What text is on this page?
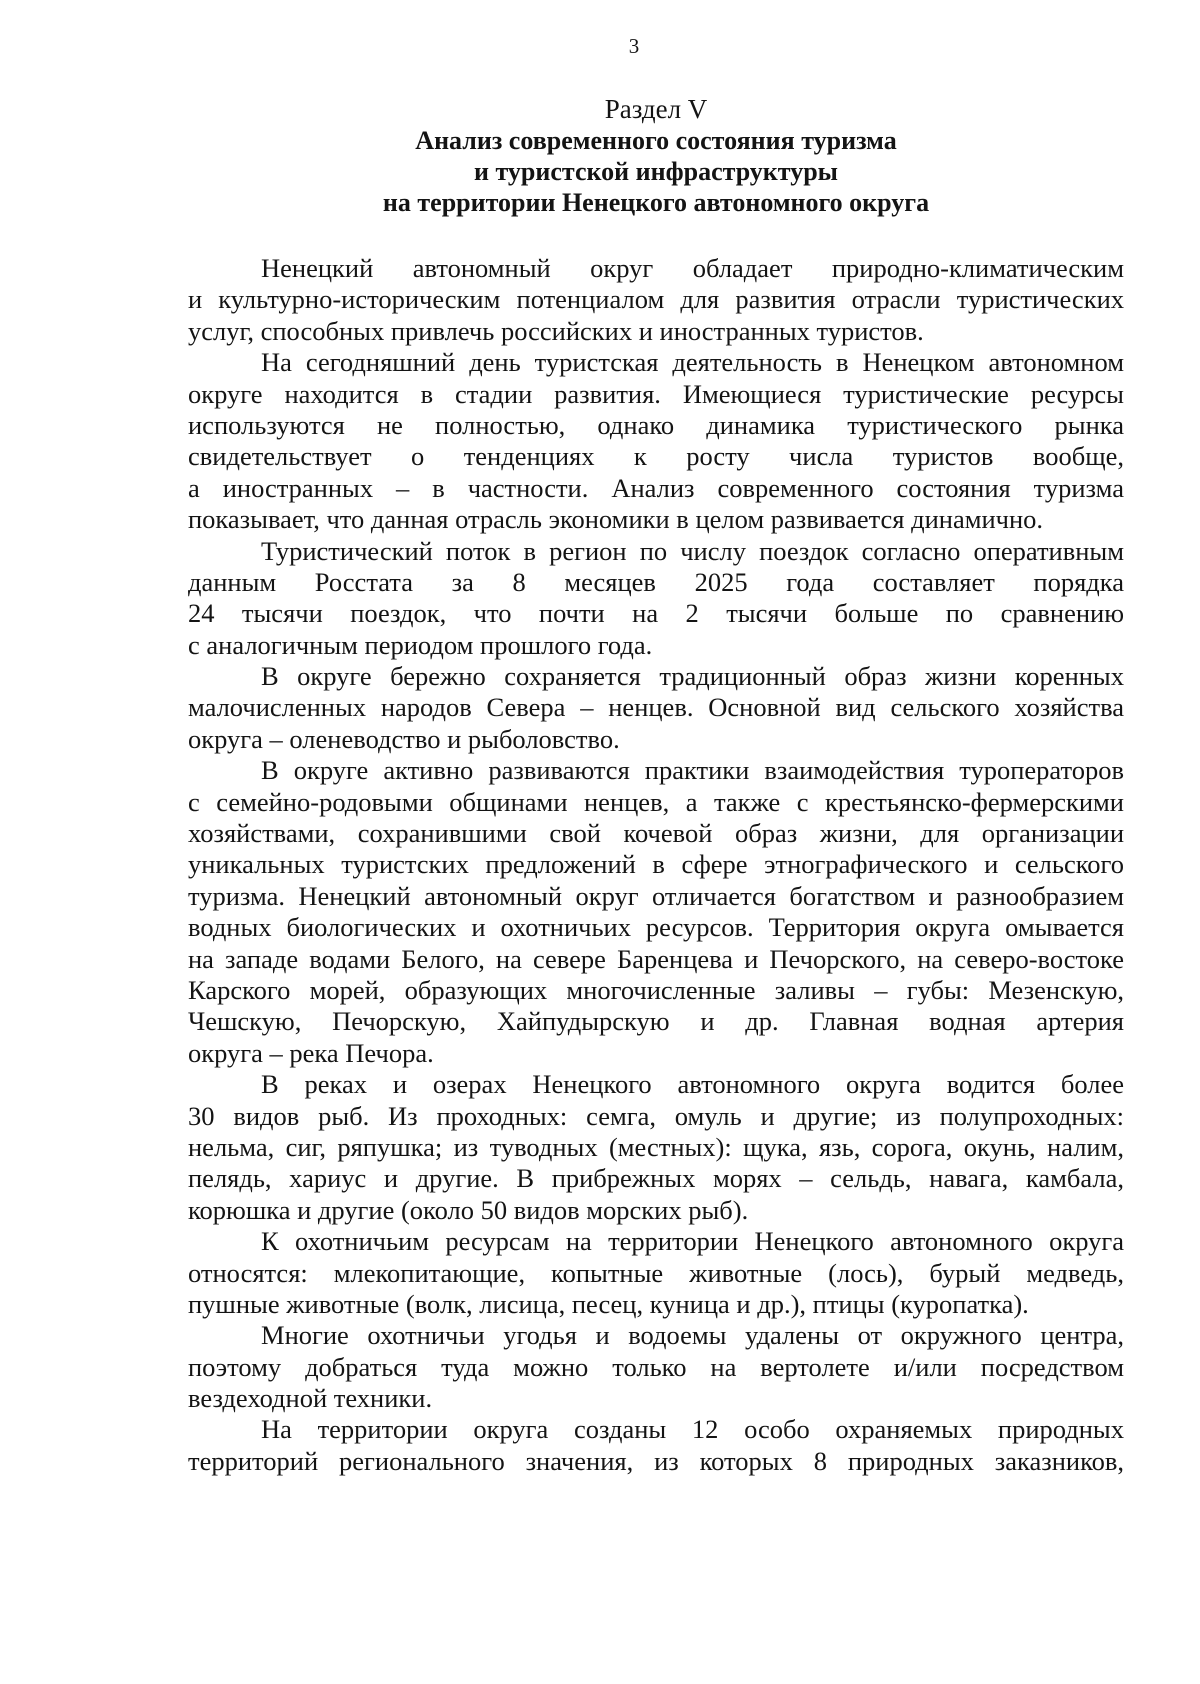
3
Раздел V
Анализ современного состояния туризма
и туристской инфраструктуры
на территории Ненецкого автономного округа
Ненецкий автономный округ обладает природно-климатическим
и культурно-историческим потенциалом для развития отрасли туристических
услуг, способных привлечь российских и иностранных туристов.
На сегодняшний день туристская деятельность в Ненецком автономном
округе находится в стадии развития. Имеющиеся туристические ресурсы
используются не полностью, однако динамика туристического рынка
свидетельствует о тенденциях к росту числа туристов вообще,
а иностранных – в частности. Анализ современного состояния туризма
показывает, что данная отрасль экономики в целом развивается динамично.
Туристический поток в регион по числу поездок согласно оперативным
данным Росстата за 8 месяцев 2025 года составляет порядка
24 тысячи поездок, что почти на 2 тысячи больше по сравнению
с аналогичным периодом прошлого года.
В округе бережно сохраняется традиционный образ жизни коренных
малочисленных народов Севера – ненцев. Основной вид сельского хозяйства
округа – оленеводство и рыболовство.
В округе активно развиваются практики взаимодействия туроператоров
с семейно-родовыми общинами ненцев, а также с крестьянско-фермерскими
хозяйствами, сохранившими свой кочевой образ жизни, для организации
уникальных туристских предложений в сфере этнографического и сельского
туризма. Ненецкий автономный округ отличается богатством и разнообразием
водных биологических и охотничьих ресурсов. Территория округа омывается
на западе водами Белого, на севере Баренцева и Печорского, на северо-востоке
Карского морей, образующих многочисленные заливы – губы: Мезенскую,
Чешскую, Печорскую, Хайпудырскую и др. Главная водная артерия
округа – река Печора.
В реках и озерах Ненецкого автономного округа водится более
30 видов рыб. Из проходных: семга, омуль и другие; из полупроходных:
нельма, сиг, ряпушка; из туводных (местных): щука, язь, сорога, окунь, налим,
пелядь, хариус и другие. В прибрежных морях – сельдь, навага, камбала,
корюшка и другие (около 50 видов морских рыб).
К охотничьим ресурсам на территории Ненецкого автономного округа
относятся: млекопитающие, копытные животные (лось), бурый медведь,
пушные животные (волк, лисица, песец, куница и др.), птицы (куропатка).
Многие охотничьи угодья и водоемы удалены от окружного центра,
поэтому добраться туда можно только на вертолете и/или посредством
вездеходной техники.
На территории округа созданы 12 особо охраняемых природных
территорий регионального значения, из которых 8 природных заказников,
